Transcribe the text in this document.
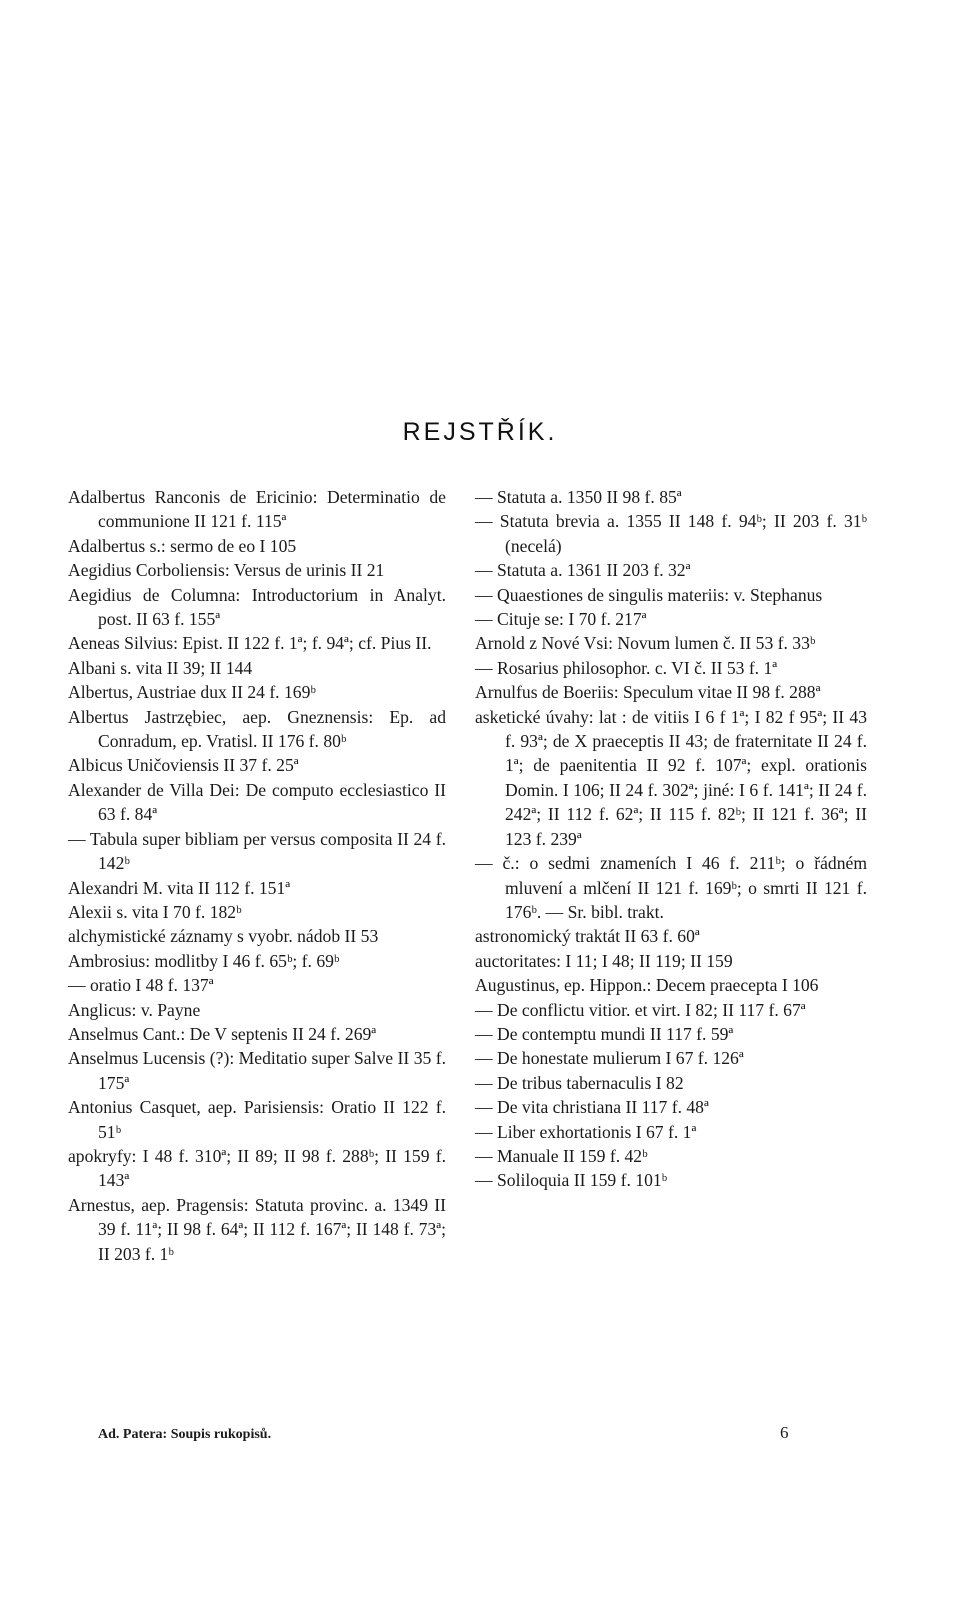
REJSTŘÍK.

Adalbertus Ranconis de Ericinio: Determinatio de communione II 121 f. 115ª

Adalbertus s.: sermo de eo I 105

Aegidius Corboliensis: Versus de urinis II 21

Aegidius de Columna: Introductorium in Analyt. post. II 63 f. 155ª

Aeneas Silvius: Epist. II 122 f. 1ª; f. 94ª; cf. Pius II.

Albani s. vita II 39; II 144

Albertus, Austriae dux II 24 f. 169ᵇ

Albertus Jastrzębiec, aep. Gneznensis: Ep. ad Conradum, ep. Vratisl. II 176 f. 80ᵇ

Albicus Uničoviensis II 37 f. 25ª

Alexander de Villa Dei: De computo ecclesiastico II 63 f. 84ª

— Tabula super bibliam per versus composita II 24 f. 142ᵇ

Alexandri M. vita II 112 f. 151ª

Alexii s. vita I 70 f. 182ᵇ

alchymistické záznamy s vyobr. nádob II 53

Ambrosius: modlitby I 46 f. 65ᵇ; f. 69ᵇ

— oratio I 48 f. 137ª

Anglicus: v. Payne

Anselmus Cant.: De V septenis II 24 f. 269ª

Anselmus Lucensis (?): Meditatio super Salve II 35 f. 175ª

Antonius Casquet, aep. Parisiensis: Oratio II 122 f. 51ᵇ

apokryfy: I 48 f. 310ª; II 89; II 98 f. 288ᵇ; II 159 f. 143ª

Arnestus, aep. Pragensis: Statuta provinc. a. 1349 II 39 f. 11ª; II 98 f. 64ª; II 112 f. 167ª; II 148 f. 73ª; II 203 f. 1ᵇ

— Statuta a. 1350 II 98 f. 85ª

— Statuta brevia a. 1355 II 148 f. 94ᵇ; II 203 f. 31ᵇ (necelá)

— Statuta a. 1361 II 203 f. 32ª

— Quaestiones de singulis materiis: v. Stephanus

— Cituje se: I 70 f. 217ª

Arnold z Nové Vsi: Novum lumen č. II 53 f. 33ᵇ

— Rosarius philosophor. c. VI č. II 53 f. 1ª

Arnulfus de Boeriis: Speculum vitae II 98 f. 288ª

asketické úvahy: lat : de vitiis I 6 f 1ª; I 82 f 95ª; II 43 f. 93ª; de X praeceptis II 43; de fraternitate II 24 f. 1ª; de paenitentia II 92 f. 107ª; expl. orationis Domin. I 106; II 24 f. 302ª; jiné: I 6 f. 141ª; II 24 f. 242ª; II 112 f. 62ª; II 115 f. 82ᵇ; II 121 f. 36ª; II 123 f. 239ª

— č.: o sedmi znameních I 46 f. 211ᵇ; o řádném mluvení a mlčení II 121 f. 169ᵇ; o smrti II 121 f. 176ᵇ. — Sr. bibl. trakt.

astronomický traktát II 63 f. 60ª

auctoritates: I 11; I 48; II 119; II 159

Augustinus, ep. Hippon.: Decem praecepta I 106

— De conflictu vitior. et virt. I 82; II 117 f. 67ª

— De contemptu mundi II 117 f. 59ª

— De honestate mulierum I 67 f. 126ª

— De tribus tabernaculis I 82

— De vita christiana II 117 f. 48ª

— Liber exhortationis I 67 f. 1ª

— Manuale II 159 f. 42ᵇ

— Soliloquia II 159 f. 101ᵇ

Ad. Patera: Soupis rukopisů.	6
